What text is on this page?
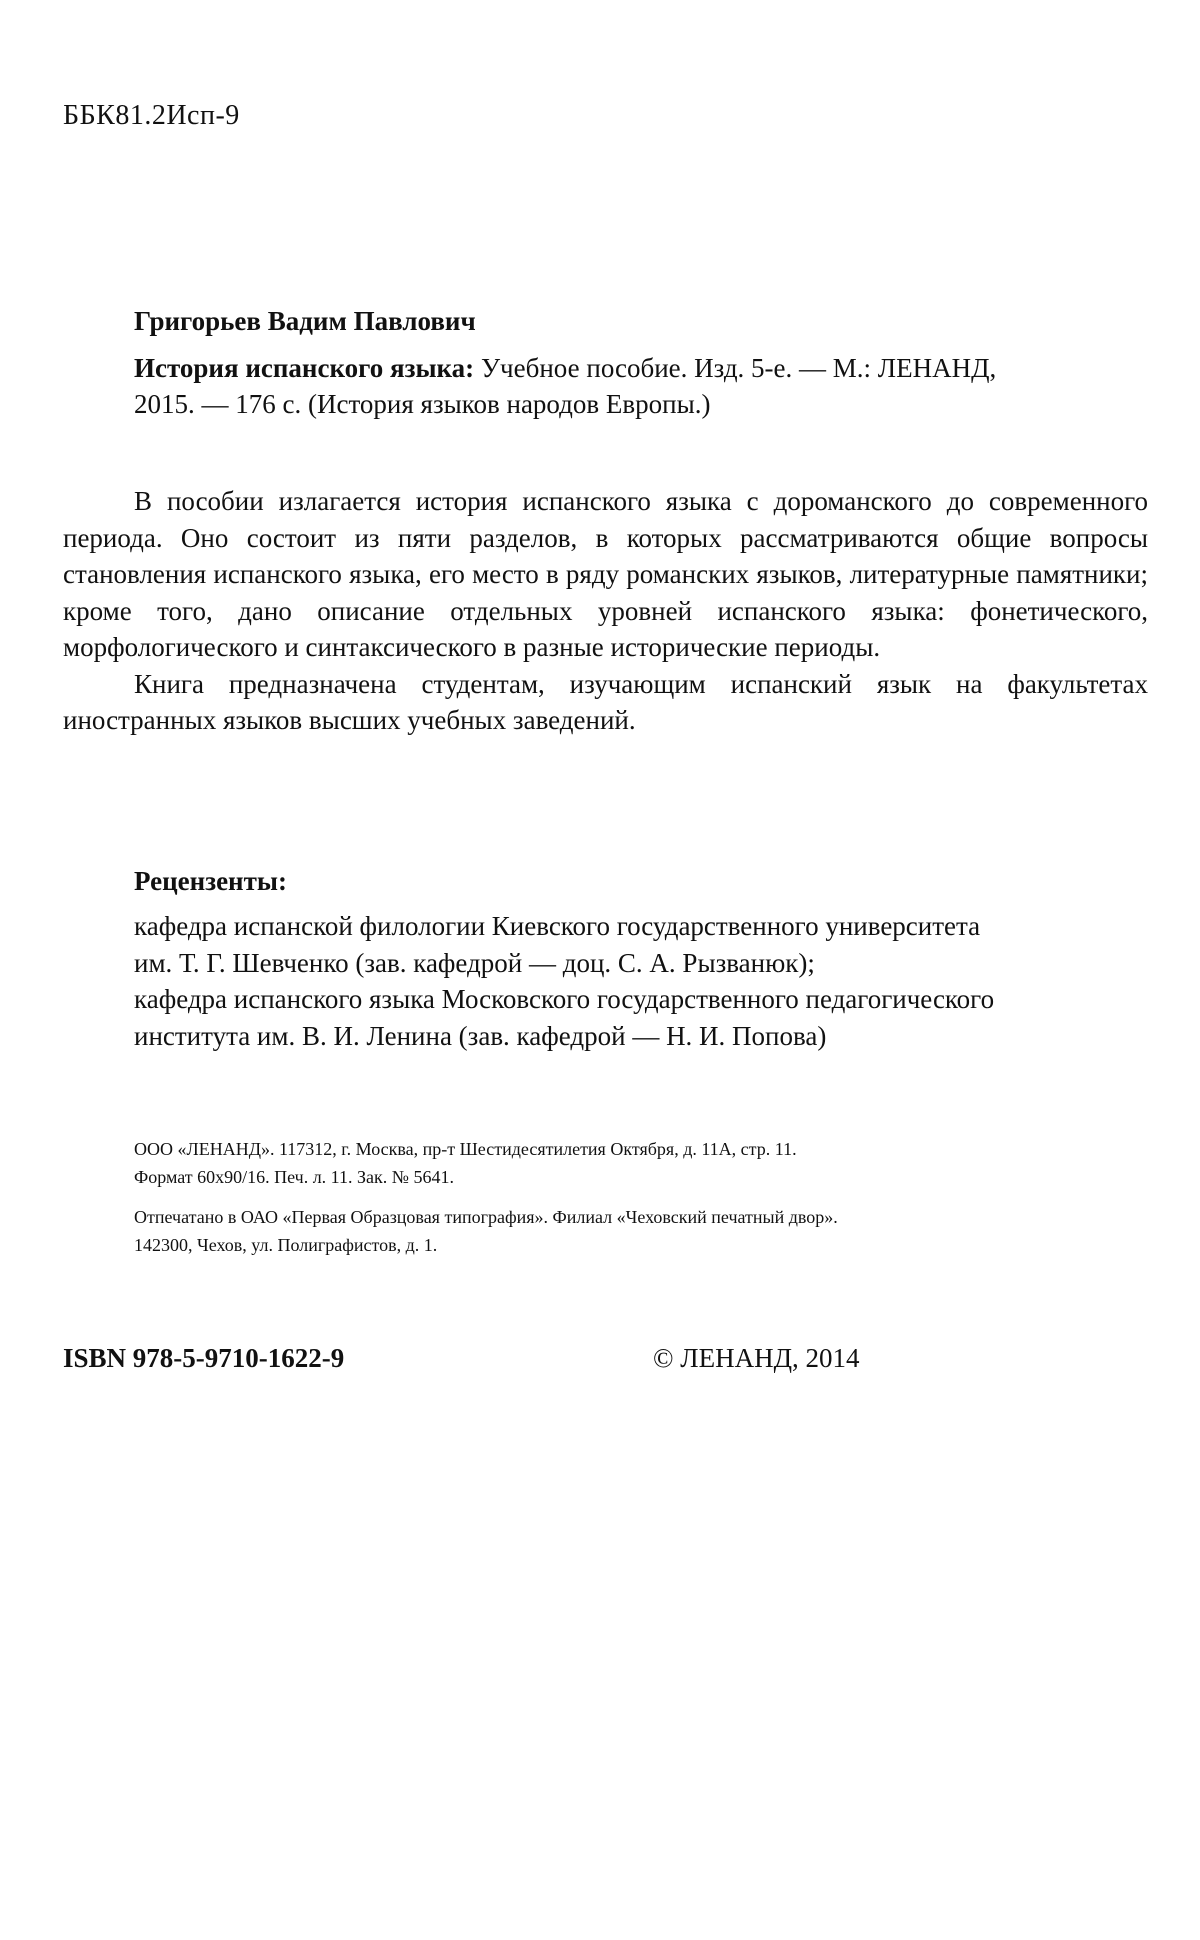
ББК81.2Исп-9
Григорьев Вадим Павлович
История испанского языка: Учебное пособие. Изд. 5-е. — М.: ЛЕНАНД,
2015. — 176 с. (История языков народов Европы.)

В пособии излагается история испанского языка с дороманского до современного периода. Оно состоит из пяти разделов, в которых рассматриваются общие вопросы становления испанского языка, его место в ряду романских языков, литературные памятники; кроме того, дано описание отдельных уровней испанского языка: фонетического, морфологического и синтаксического в разные исторические периоды.

Книга предназначена студентам, изучающим испанский язык на факультетах иностранных языков высших учебных заведений.

Рецензенты:
кафедра испанской филологии Киевского государственного университета
им. Т. Г. Шевченко (зав. кафедрой — доц. С. А. Рызванюк);
кафедра испанского языка Московского государственного педагогического
института им. В. И. Ленина (зав. кафедрой — Н. И. Попова)
ООО «ЛЕНАНД». 117312, г. Москва, пр-т Шестидесятилетия Октября, д. 11А, стр. 11.
Формат 60х90/16. Печ. л. 11. Зак. № 5641.
Отпечатано в ОАО «Первая Образцовая типография». Филиал «Чеховский печатный двор».
142300, Чехов, ул. Полиграфистов, д. 1.
ISBN 978-5-9710-1622-9	© ЛЕНАНД, 2014
